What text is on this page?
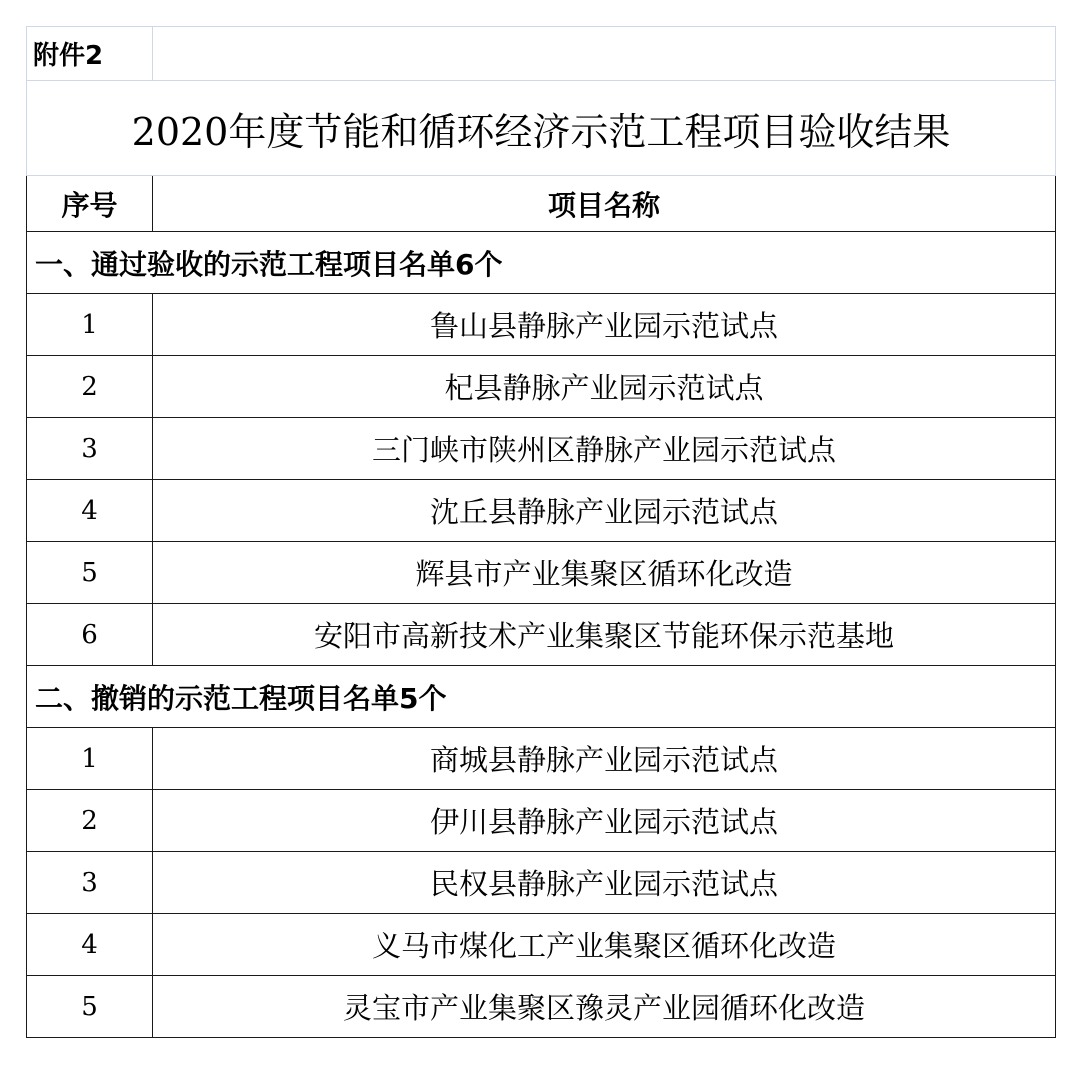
附件2	
2020年度节能和循环经济示范工程项目验收结果	
序号	项目名称
一、通过验收的示范工程项目名单6个	
1	鲁山县静脉产业园示范试点
2	杞县静脉产业园示范试点
3	三门峡市陕州区静脉产业园示范试点
4	沈丘县静脉产业园示范试点
5	辉县市产业集聚区循环化改造
6	安阳市高新技术产业集聚区节能环保示范基地
二、撤销的示范工程项目名单5个	
1	商城县静脉产业园示范试点
2	伊川县静脉产业园示范试点
3	民权县静脉产业园示范试点
4	义马市煤化工产业集聚区循环化改造
5	灵宝市产业集聚区豫灵产业园循环化改造
